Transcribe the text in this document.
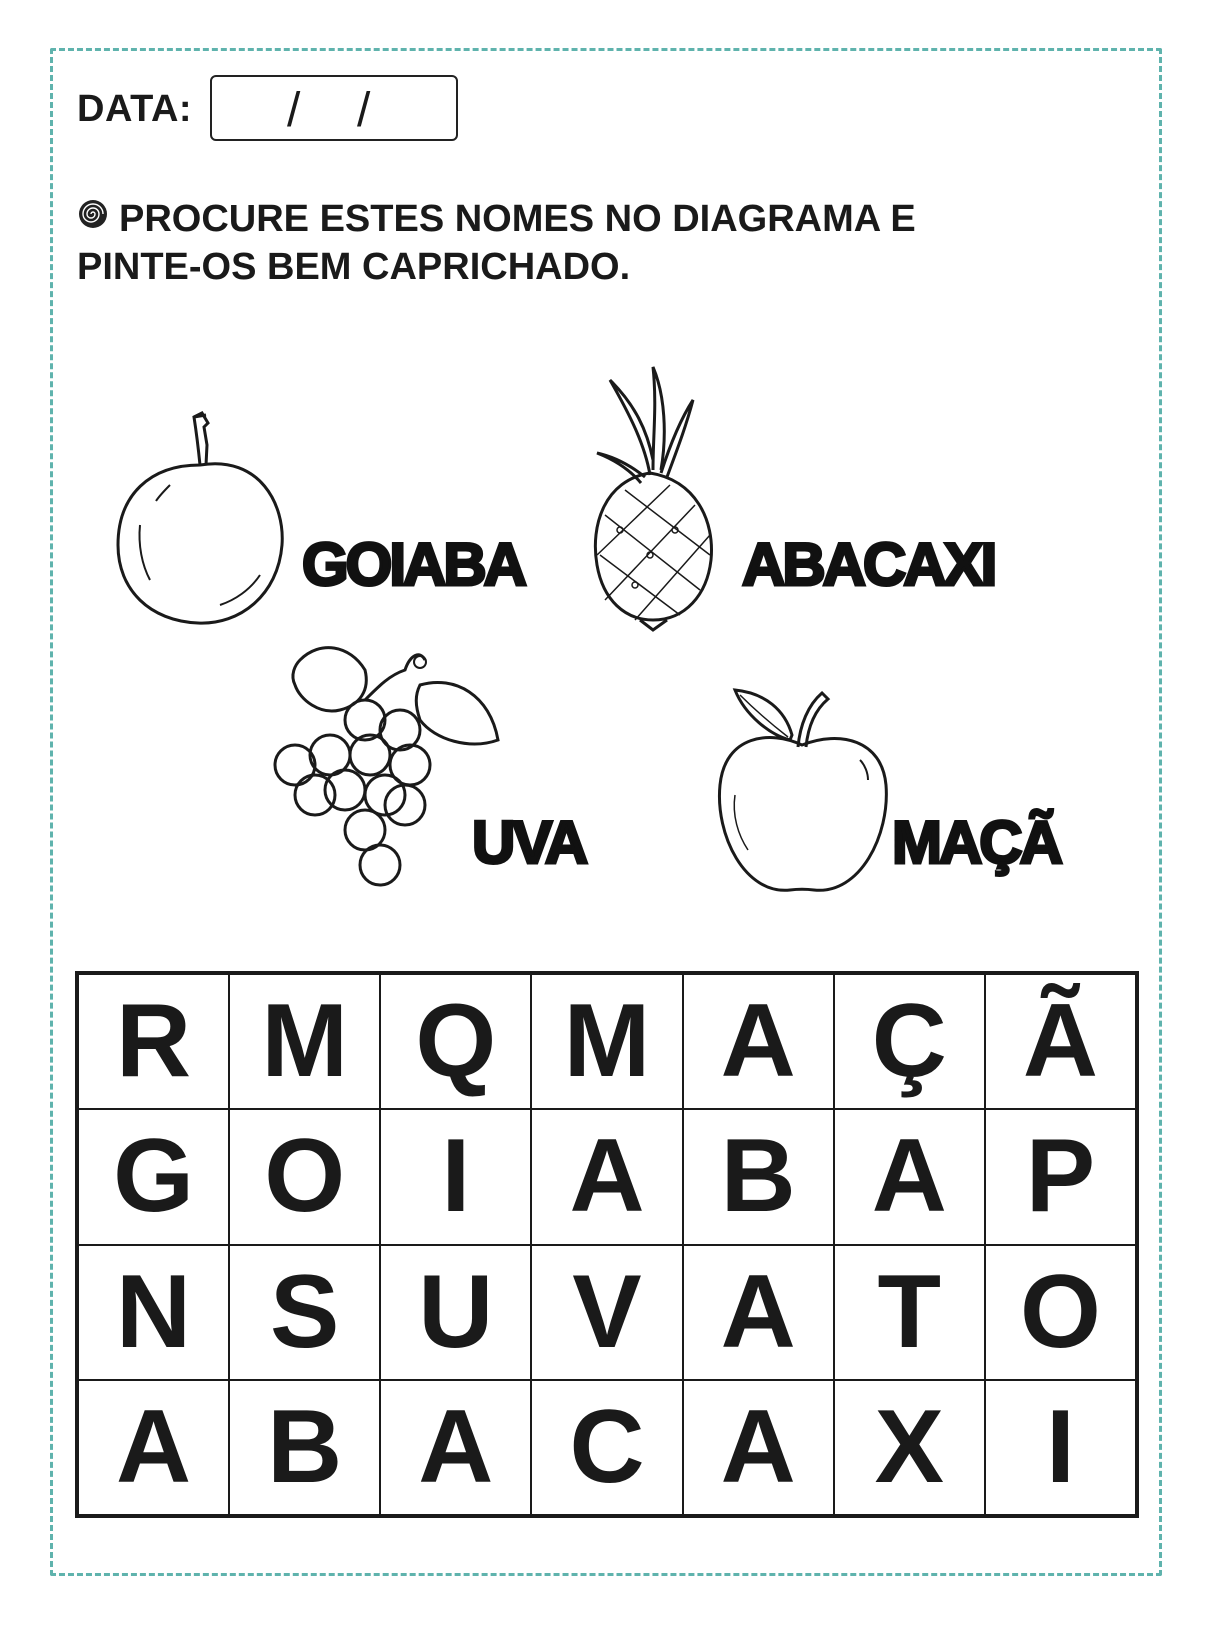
DATA: / /
PROCURE ESTES NOMES NO DIAGRAMA E PINTE-OS BEM CAPRICHADO.
GOIABA	ABACAXI
UVA	MAÇÃ
R M Q M A Ç Ã
G O I A B A P
N S U V A T O
A B A C A X I
